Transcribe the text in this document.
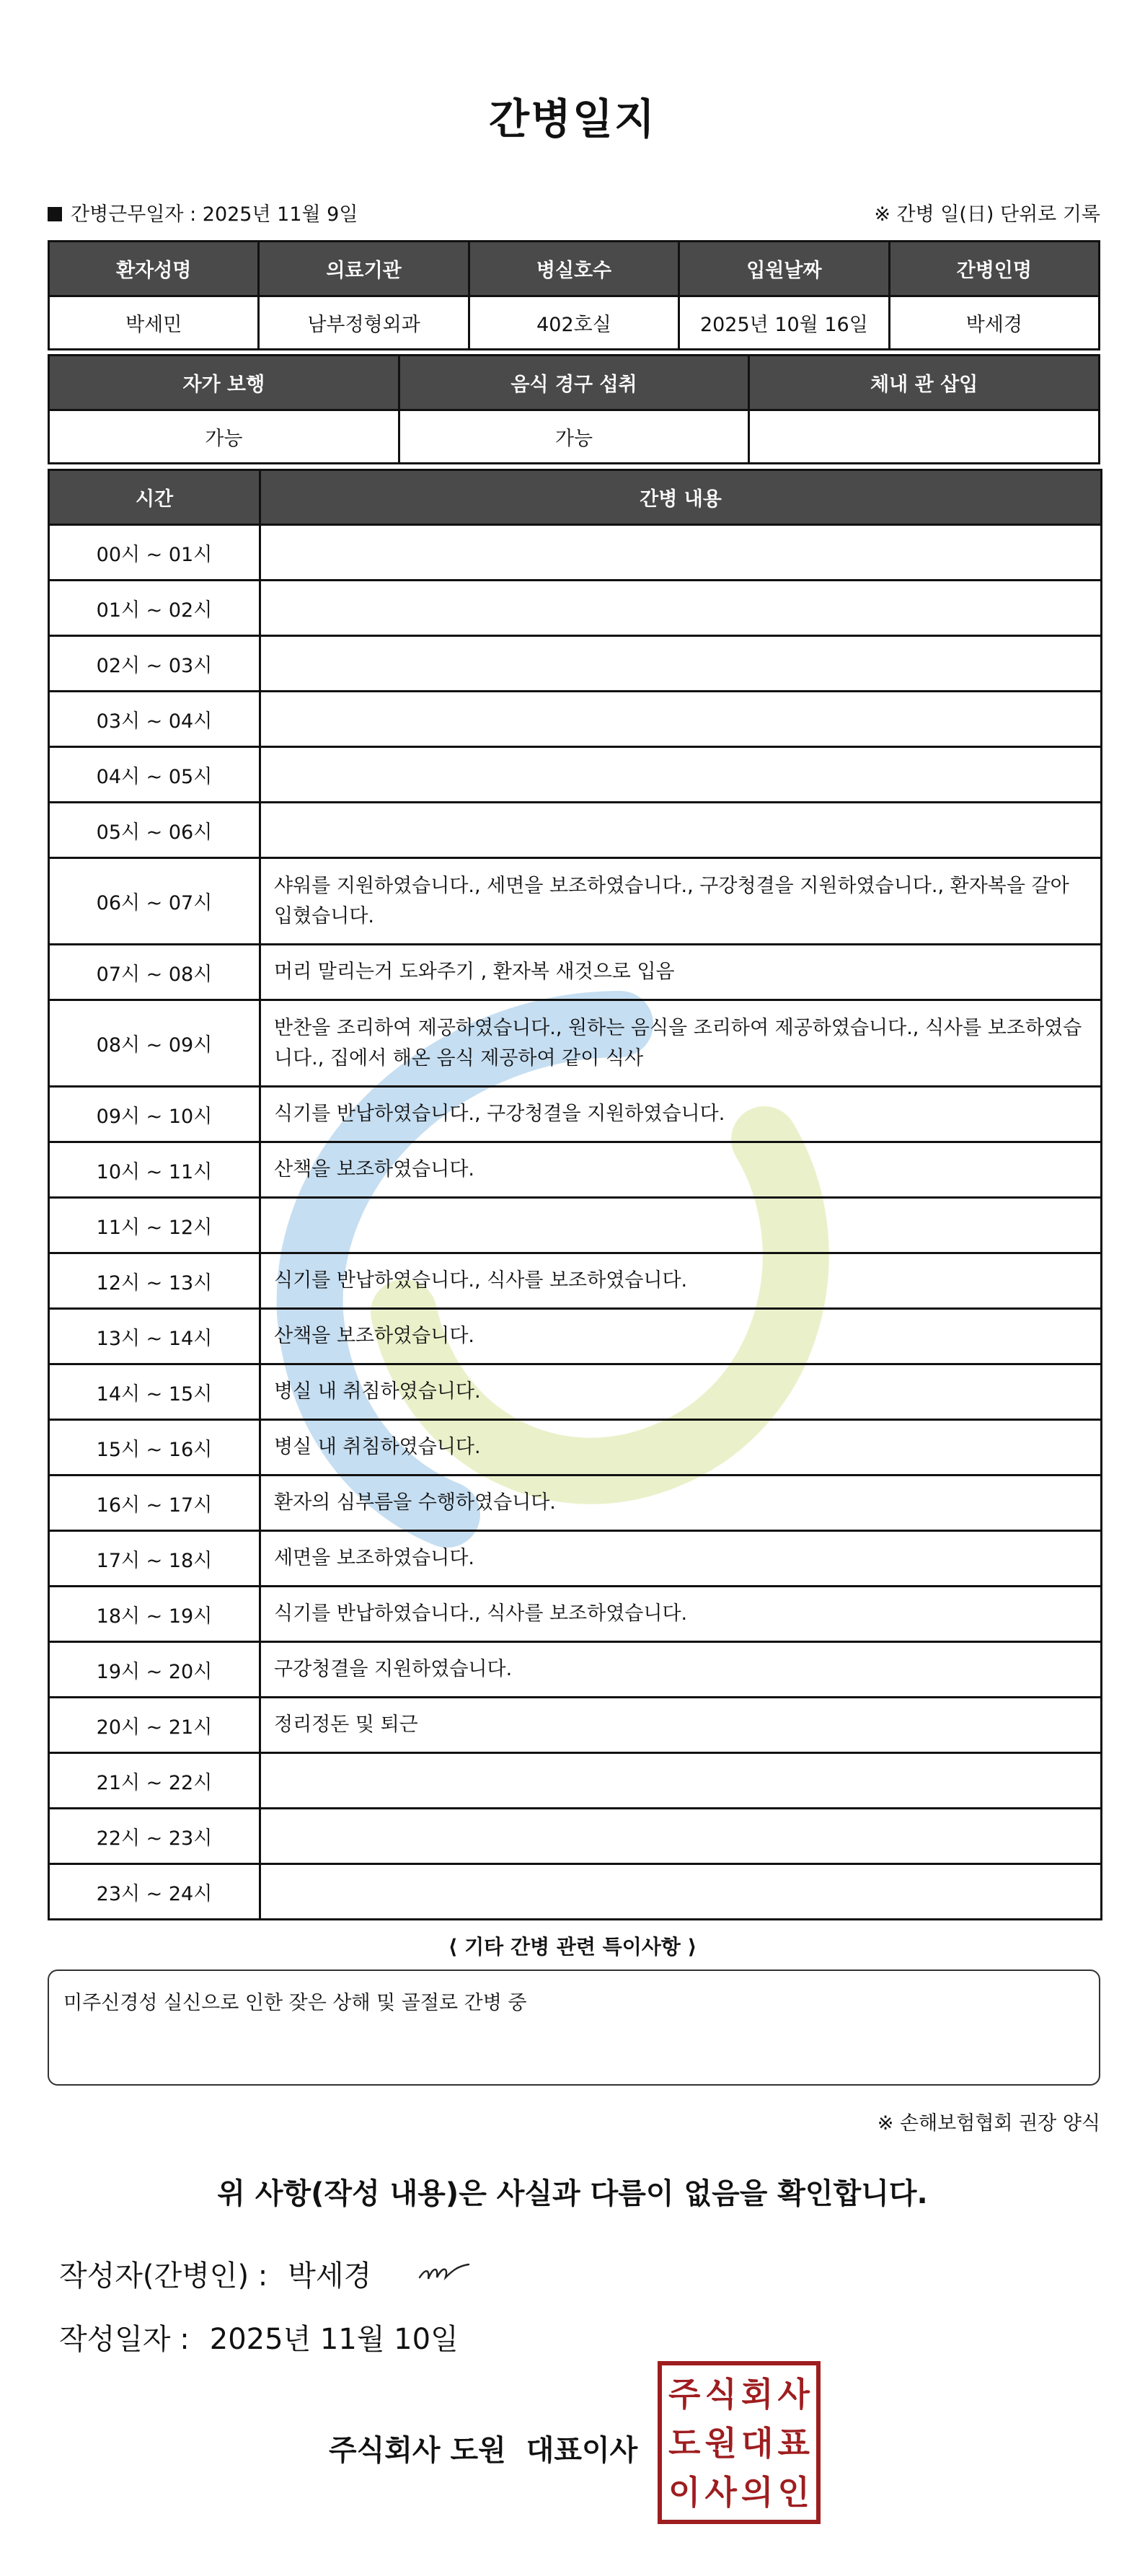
간병일지
간병근무일자 : 2025년 11월 9일	※ 간병 일(日) 단위로 기록
환자성명	의료기관	병실호수	입원날짜	간병인명
박세민	남부정형외과	402호실	2025년 10월 16일	박세경
자가 보행	음식 경구 섭취	체내 관 삽입
가능	가능	
시간	간병 내용
00시 ~ 01시	
01시 ~ 02시	
02시 ~ 03시	
03시 ~ 04시	
04시 ~ 05시	
05시 ~ 06시	
06시 ~ 07시	샤워를 지원하였습니다., 세면을 보조하였습니다., 구강청결을 지원하였습니다., 환자복을 갈아입혔습니다.
07시 ~ 08시	머리 말리는거 도와주기 , 환자복 새것으로 입음
08시 ~ 09시	반찬을 조리하여 제공하였습니다., 원하는 음식을 조리하여 제공하였습니다., 식사를 보조하였습니다., 집에서 해온 음식 제공하여 같이 식사
09시 ~ 10시	식기를 반납하였습니다., 구강청결을 지원하였습니다.
10시 ~ 11시	산책을 보조하였습니다.
11시 ~ 12시	
12시 ~ 13시	식기를 반납하였습니다., 식사를 보조하였습니다.
13시 ~ 14시	산책을 보조하였습니다.
14시 ~ 15시	병실 내 취침하였습니다.
15시 ~ 16시	병실 내 취침하였습니다.
16시 ~ 17시	환자의 심부름을 수행하였습니다.
17시 ~ 18시	세면을 보조하였습니다.
18시 ~ 19시	식기를 반납하였습니다., 식사를 보조하였습니다.
19시 ~ 20시	구강청결을 지원하였습니다.
20시 ~ 21시	정리정돈 및 퇴근
21시 ~ 22시	
22시 ~ 23시	
23시 ~ 24시	
⟨ 기타 간병 관련 특이사항 ⟩
미주신경성 실신으로 인한 잦은 상해 및 골절로 간병 중
※ 손해보험협회 권장 양식
위 사항(작성 내용)은 사실과 다름이 없음을 확인합니다.
작성자(간병인) : 박세경
작성일자 : 2025년 11월 10일
주식회사 도원 대표이사
주 식 회 사
도 원 대 표
이 사 의 인
